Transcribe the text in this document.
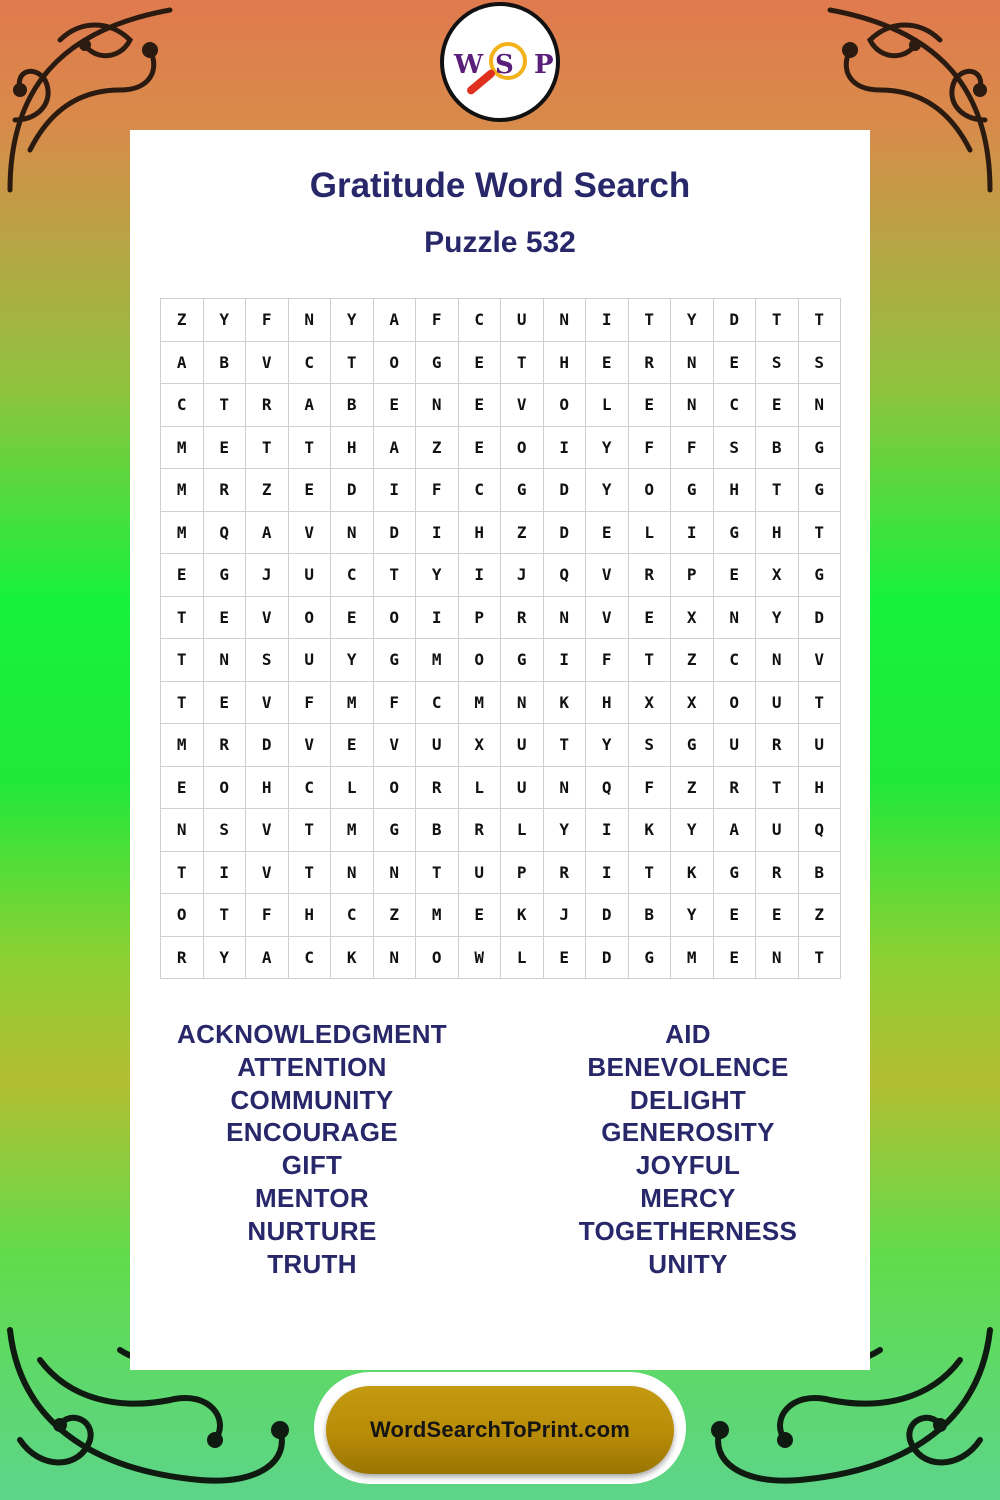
W S P
Gratitude Word Search
Puzzle 532
Z	Y	F	N	Y	A	F	C	U	N	I	T	Y	D	T	T
A	B	V	C	T	O	G	E	T	H	E	R	N	E	S	S
C	T	R	A	B	E	N	E	V	O	L	E	N	C	E	N
M	E	T	T	H	A	Z	E	O	I	Y	F	F	S	B	G
M	R	Z	E	D	I	F	C	G	D	Y	O	G	H	T	G
M	Q	A	V	N	D	I	H	Z	D	E	L	I	G	H	T
E	G	J	U	C	T	Y	I	J	Q	V	R	P	E	X	G
T	E	V	O	E	O	I	P	R	N	V	E	X	N	Y	D
T	N	S	U	Y	G	M	O	G	I	F	T	Z	C	N	V
T	E	V	F	M	F	C	M	N	K	H	X	X	O	U	T
M	R	D	V	E	V	U	X	U	T	Y	S	G	U	R	U
E	O	H	C	L	O	R	L	U	N	Q	F	Z	R	T	H
N	S	V	T	M	G	B	R	L	Y	I	K	Y	A	U	Q
T	I	V	T	N	N	T	U	P	R	I	T	K	G	R	B
O	T	F	H	C	Z	M	E	K	J	D	B	Y	E	E	Z
R	Y	A	C	K	N	O	W	L	E	D	G	M	E	N	T
ACKNOWLEDGMENT
ATTENTION
COMMUNITY
ENCOURAGE
GIFT
MENTOR
NURTURE
TRUTH
AID
BENEVOLENCE
DELIGHT
GENEROSITY
JOYFUL
MERCY
TOGETHERNESS
UNITY
WordSearchToPrint.com
